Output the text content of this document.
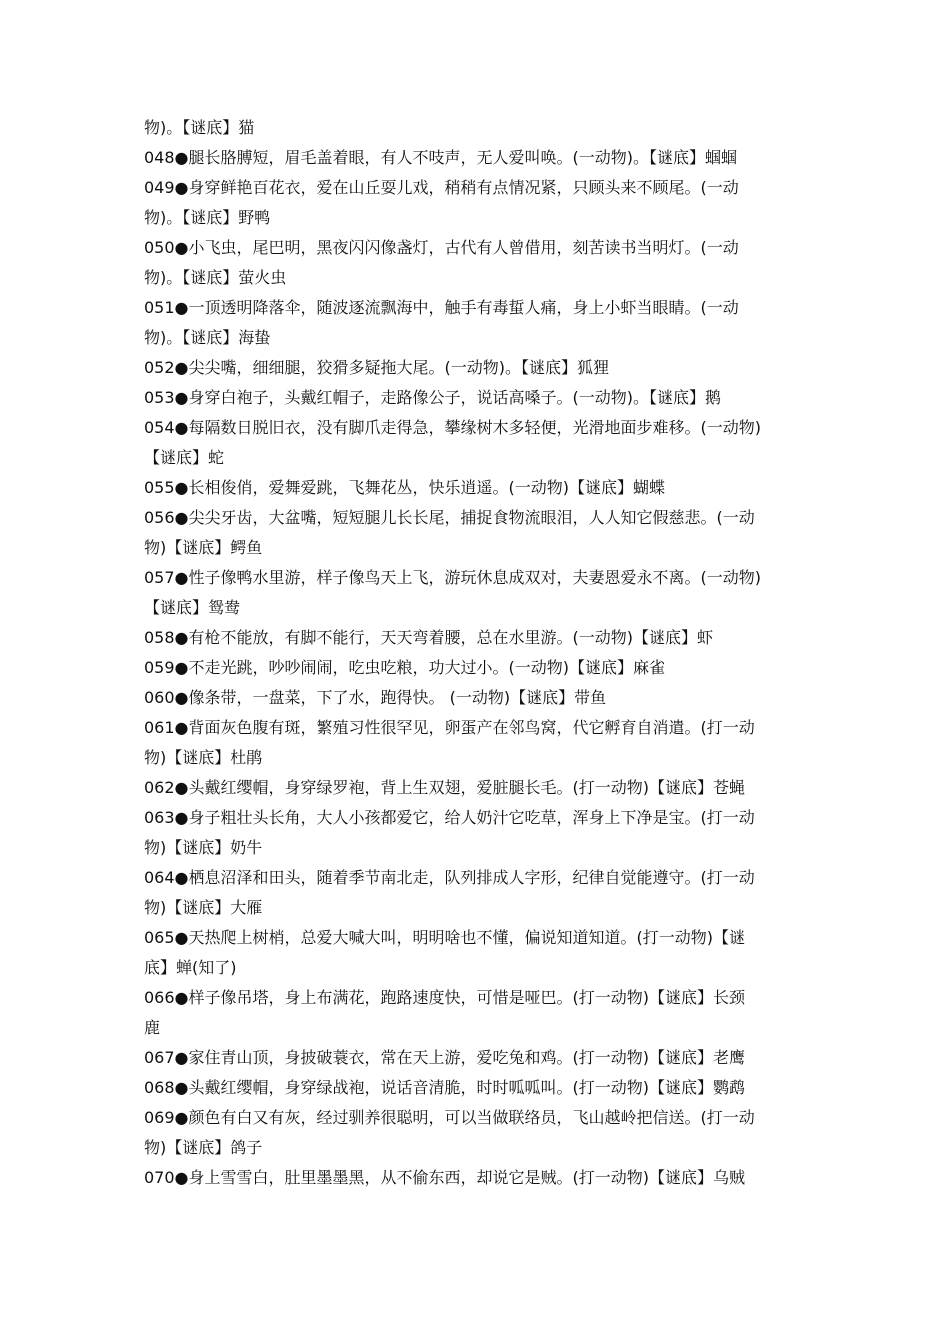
物)。【谜底】猫
048●腿长胳膊短，眉毛盖着眼，有人不吱声，无人爱叫唤。(一动物)。【谜底】蝈蝈
049●身穿鲜艳百花衣，爱在山丘耍儿戏，稍稍有点情况紧，只顾头来不顾尾。(一动
物)。【谜底】野鸭
050●小飞虫，尾巴明，黑夜闪闪像盏灯，古代有人曾借用，刻苦读书当明灯。(一动
物)。【谜底】萤火虫
051●一顶透明降落伞，随波逐流飘海中，触手有毒蜇人痛，身上小虾当眼睛。(一动
物)。【谜底】海蛰
052●尖尖嘴，细细腿，狡猾多疑拖大尾。(一动物)。【谜底】狐狸
053●身穿白袍子，头戴红帽子，走路像公子，说话高嗓子。(一动物)。【谜底】鹅
054●每隔数日脱旧衣，没有脚爪走得急，攀缘树木多轻便，光滑地面步难移。(一动物)
【谜底】蛇
055●长相俊俏，爱舞爱跳，飞舞花丛，快乐逍遥。(一动物)【谜底】蝴蝶
056●尖尖牙齿，大盆嘴，短短腿儿长长尾，捕捉食物流眼泪，人人知它假慈悲。(一动
物)【谜底】鳄鱼
057●性子像鸭水里游，样子像鸟天上飞，游玩休息成双对，夫妻恩爱永不离。(一动物)
【谜底】鸳鸯
058●有枪不能放，有脚不能行，天天弯着腰，总在水里游。(一动物)【谜底】虾
059●不走光跳，吵吵闹闹，吃虫吃粮，功大过小。(一动物)【谜底】麻雀
060●像条带，一盘菜，下了水，跑得快。 (一动物)【谜底】带鱼
061●背面灰色腹有斑，繁殖习性很罕见，卵蛋产在邻鸟窝，代它孵育自消遣。(打一动
物)【谜底】杜鹃
062●头戴红缨帽，身穿绿罗袍，背上生双翅，爱脏腿长毛。(打一动物)【谜底】苍蝇
063●身子粗壮头长角，大人小孩都爱它，给人奶汁它吃草，浑身上下净是宝。(打一动
物)【谜底】奶牛
064●栖息沼泽和田头，随着季节南北走，队列排成人字形，纪律自觉能遵守。(打一动
物)【谜底】大雁
065●天热爬上树梢，总爱大喊大叫，明明啥也不懂，偏说知道知道。(打一动物)【谜
底】蝉(知了)
066●样子像吊塔，身上布满花，跑路速度快，可惜是哑巴。(打一动物)【谜底】长颈
鹿
067●家住青山顶，身披破蓑衣，常在天上游，爱吃兔和鸡。(打一动物)【谜底】老鹰
068●头戴红缨帽，身穿绿战袍，说话音清脆，时时呱呱叫。(打一动物)【谜底】鹦鹉
069●颜色有白又有灰，经过驯养很聪明，可以当做联络员，飞山越岭把信送。(打一动
物)【谜底】鸽子
070●身上雪雪白，肚里墨墨黑，从不偷东西，却说它是贼。(打一动物)【谜底】乌贼
